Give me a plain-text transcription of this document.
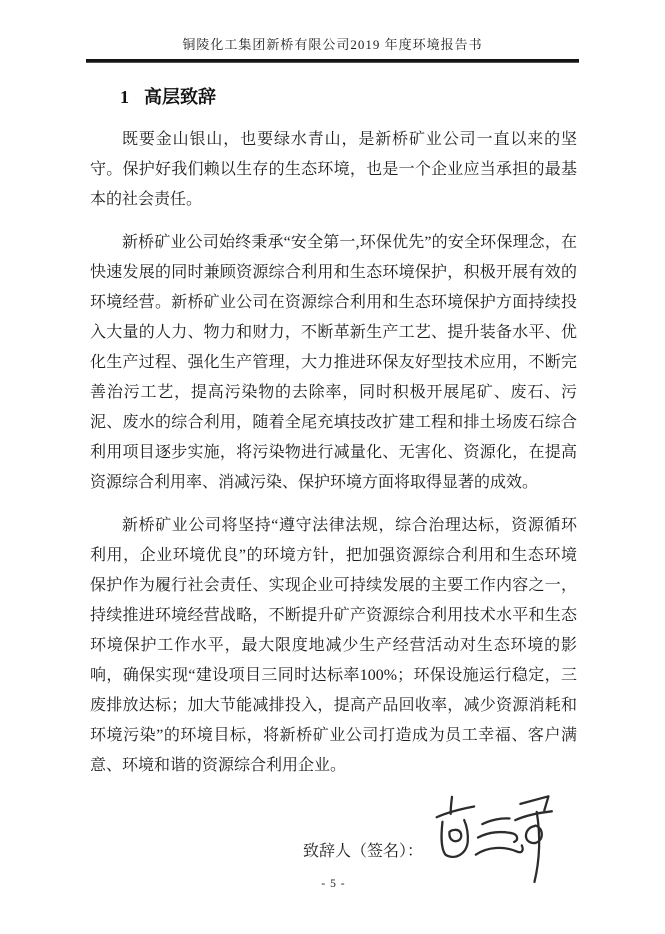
铜陵化工集团新桥有限公司2019 年度环境报告书
1 高层致辞

既要金山银山，也要绿水青山，是新桥矿业公司一直以来的坚守。保护好我们赖以生存的生态环境，也是一个企业应当承担的最基本的社会责任。

新桥矿业公司始终秉承“安全第一,环保优先”的安全环保理念，在快速发展的同时兼顾资源综合利用和生态环境保护，积极开展有效的环境经营。新桥矿业公司在资源综合利用和生态环境保护方面持续投入大量的人力、物力和财力，不断革新生产工艺、提升装备水平、优化生产过程、强化生产管理，大力推进环保友好型技术应用，不断完善治污工艺，提高污染物的去除率，同时积极开展尾矿、废石、污泥、废水的综合利用，随着全尾充填技改扩建工程和排土场废石综合利用项目逐步实施，将污染物进行减量化、无害化、资源化，在提高资源综合利用率、消减污染、保护环境方面将取得显著的成效。

新桥矿业公司将坚持“遵守法律法规，综合治理达标，资源循环利用，企业环境优良”的环境方针，把加强资源综合利用和生态环境保护作为履行社会责任、实现企业可持续发展的主要工作内容之一，持续推进环境经营战略，不断提升矿产资源综合利用技术水平和生态环境保护工作水平，最大限度地减少生产经营活动对生态环境的影响，确保实现“建设项目三同时达标率100%；环保设施运行稳定，三废排放达标；加大节能减排投入，提高产品回收率，减少资源消耗和环境污染”的环境目标，将新桥矿业公司打造成为员工幸福、客户满意、环境和谐的资源综合利用企业。

致辞人（签名）：
- 5 -
